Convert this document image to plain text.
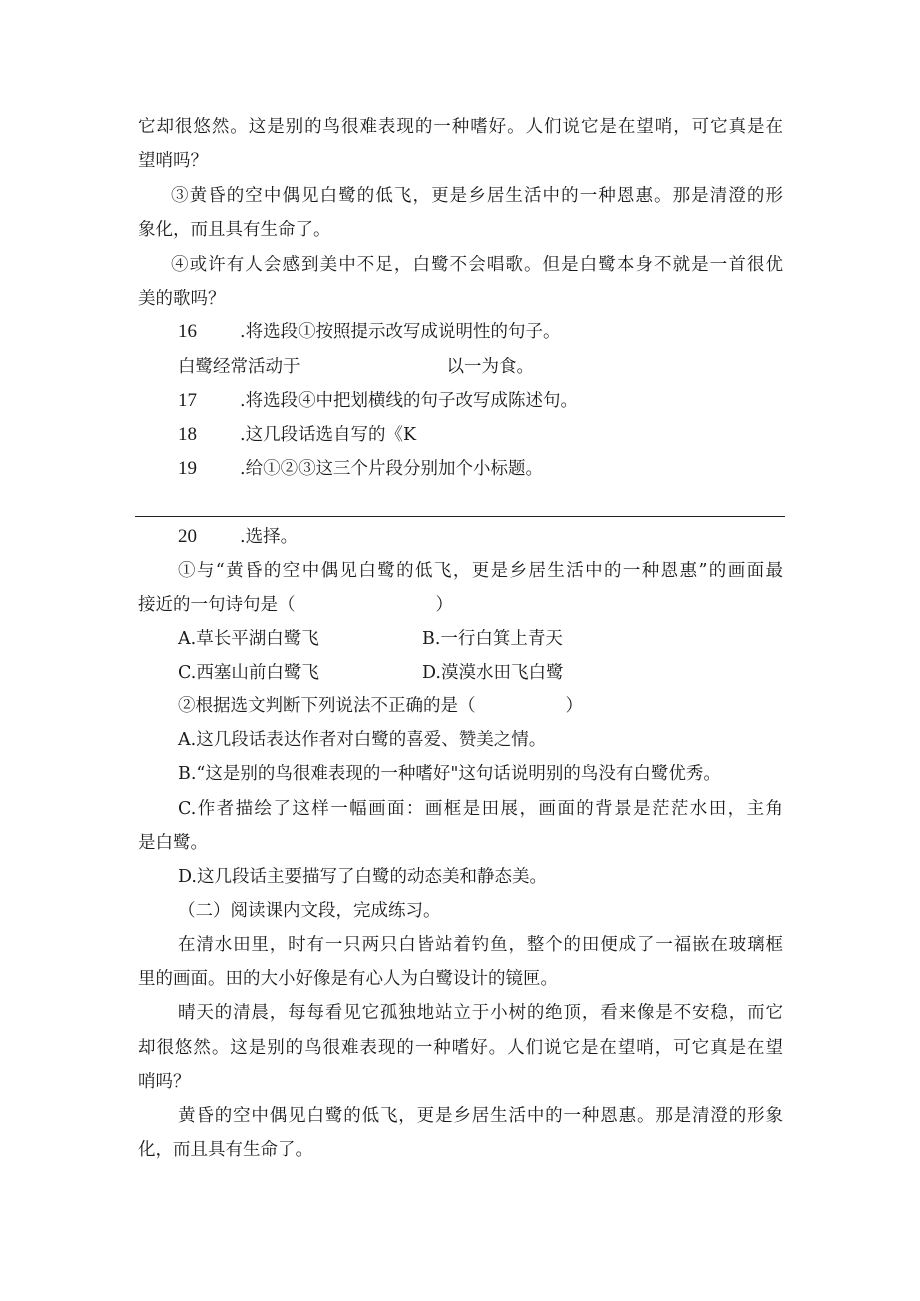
它却很悠然。这是别的鸟很难表现的一种嗜好。人们说它是在望哨，可它真是在
望哨吗？
③黄昏的空中偶见白鹭的低飞，更是乡居生活中的一种恩惠。那是清澄的形
象化，而且具有生命了。
④或许有人会感到美中不足，白鹭不会唱歌。但是白鹭本身不就是一首很优
美的歌吗？
16 .将选段①按照提示改写成说明性的句子。
白鹭经常活动于	以一为食。
17 .将选段④中把划横线的句子改写成陈述句。
18 .这几段话选自写的《K
19 .给①②③这三个片段分别加个小标题。
20 .选择。
①与“黄昏的空中偶见白鹭的低飞，更是乡居生活中的一种恩惠”的画面最
接近的一句诗句是（	）
A.草长平湖白鹭飞	B.一行白箕上青天
C.西塞山前白鹭飞	D.漠漠水田飞白鹭
②根据选文判断下列说法不正确的是（	）
A.这几段话表达作者对白鹭的喜爱、赞美之情。
B.“这是别的鸟很难表现的一种嗜好"这句话说明别的鸟没有白鹭优秀。
C.作者描绘了这样一幅画面：画框是田展，画面的背景是茫茫水田，主角
是白鹭。
D.这几段话主要描写了白鹭的动态美和静态美。
（二）阅读课内文段，完成练习。
在清水田里，时有一只两只白皆站着钓鱼，整个的田便成了一福嵌在玻璃框
里的画面。田的大小好像是有心人为白鹭设计的镜匣。
晴天的清晨，每每看见它孤独地站立于小树的绝顶，看来像是不安稳，而它
却很悠然。这是别的鸟很难表现的一种嗜好。人们说它是在望哨，可它真是在望
哨吗？
黄昏的空中偶见白鹭的低飞，更是乡居生活中的一种恩惠。那是清澄的形象
化，而且具有生命了。
